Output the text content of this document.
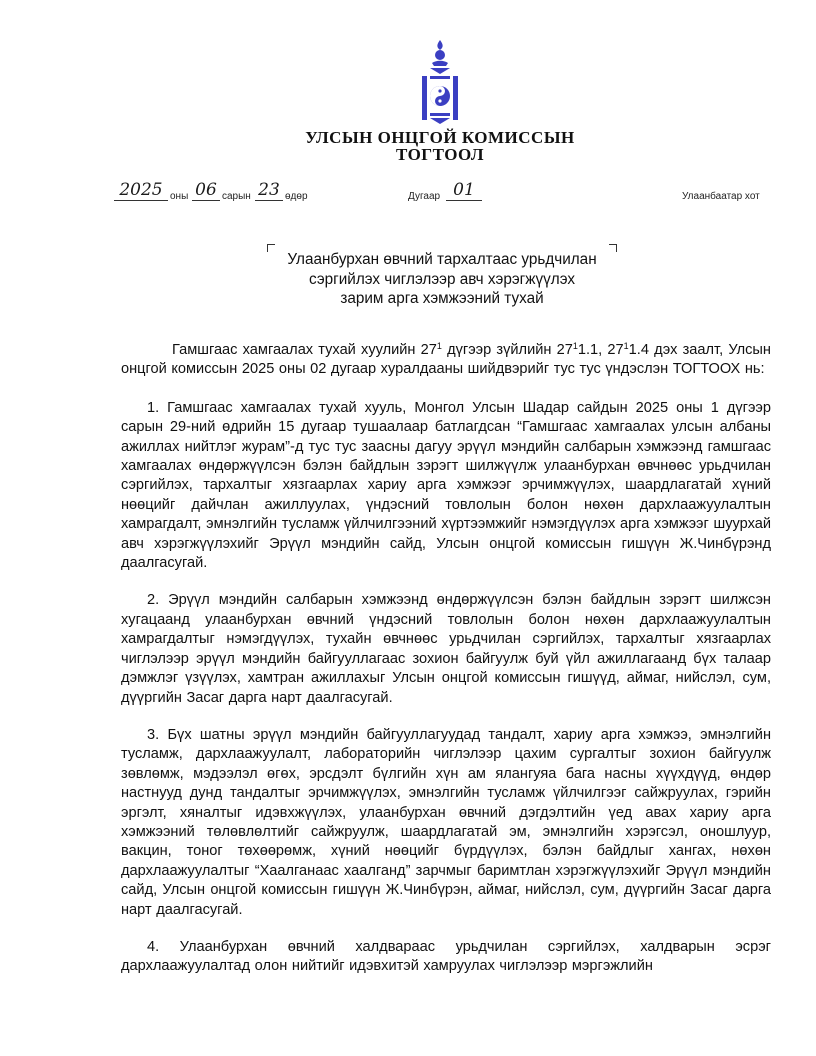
УЛСЫН ОНЦГОЙ КОМИССЫН
ТОГТООЛ
2025 оны 06 сарын 23 өдөр	Дугаар 01	Улаанбаатар хот
Улаанбурхан өвчний тархалтаас урьдчилан
сэргийлэх чиглэлээр авч хэрэгжүүлэх
зарим арга хэмжээний тухай

Гамшгаас хамгаалах тухай хуулийн $27^1$ дүгээр зүйлийн $27^11.1$, $27^11.4$ дэх заалт, Улсын онцгой комиссын 2025 оны 02 дугаар хуралдааны шийдвэрийг тус тус үндэслэн ТОГТООХ нь:

1. Гамшгаас хамгаалах тухай хууль, Монгол Улсын Шадар сайдын 2025 оны 1 дүгээр сарын 29-ний өдрийн 15 дугаар тушаалаар батлагдсан “Гамшгаас хамгаалах улсын албаны ажиллах нийтлэг журам”-д тус тус заасны дагуу эрүүл мэндийн салбарын хэмжээнд гамшгаас хамгаалах өндөржүүлсэн бэлэн байдлын зэрэгт шилжүүлж улаанбурхан өвчнөөс урьдчилан сэргийлэх, тархалтыг хязгаарлах хариу арга хэмжээг эрчимжүүлэх, шаардлагатай хүний нөөцийг дайчлан ажиллуулах, үндэсний товлолын болон нөхөн дархлаажуулалтын хамрагдалт, эмнэлгийн тусламж үйлчилгээний хүртээмжийг нэмэгдүүлэх арга хэмжээг шуурхай авч хэрэгжүүлэхийг Эрүүл мэндийн сайд, Улсын онцгой комиссын гишүүн Ж.Чинбүрэнд даалгасугай.

2. Эрүүл мэндийн салбарын хэмжээнд өндөржүүлсэн бэлэн байдлын зэрэгт шилжсэн хугацаанд улаанбурхан өвчний үндэсний товлолын болон нөхөн дархлаажуулалтын хамрагдалтыг нэмэгдүүлэх, тухайн өвчнөөс урьдчилан сэргийлэх, тархалтыг хязгаарлах чиглэлээр эрүүл мэндийн байгууллагаас зохион байгуулж буй үйл ажиллагаанд бүх талаар дэмжлэг үзүүлэх, хамтран ажиллахыг Улсын онцгой комиссын гишүүд, аймаг, нийслэл, сум, дүүргийн Засаг дарга нарт даалгасугай.

3. Бүх шатны эрүүл мэндийн байгууллагуудад тандалт, хариу арга хэмжээ, эмнэлгийн тусламж, дархлаажуулалт, лабораторийн чиглэлээр цахим сургалтыг зохион байгуулж зөвлөмж, мэдээлэл өгөх, эрсдэлт бүлгийн хүн ам ялангуяа бага насны хүүхдүүд, өндөр настнууд дунд тандалтыг эрчимжүүлэх, эмнэлгийн тусламж үйлчилгээг сайжруулах, гэрийн эргэлт, хяналтыг идэвхжүүлэх, улаанбурхан өвчний дэгдэлтийн үед авах хариу арга хэмжээний төлөвлөлтийг сайжруулж, шаардлагатай эм, эмнэлгийн хэрэгсэл, оношлуур, вакцин, тоног төхөөрөмж, хүний нөөцийг бүрдүүлэх, бэлэн байдлыг хангах, нөхөн дархлаажуулалтыг “Хаалганаас хаалганд” зарчмыг баримтлан хэрэгжүүлэхийг Эрүүл мэндийн сайд, Улсын онцгой комиссын гишүүн Ж.Чинбүрэн, аймаг, нийслэл, сум, дүүргийн Засаг дарга нарт даалгасугай.

4. Улаанбурхан өвчний халдвараас урьдчилан сэргийлэх, халдварын эсрэг дархлаажуулалтад олон нийтийг идэвхитэй хамруулах чиглэлээр мэргэжлийн
